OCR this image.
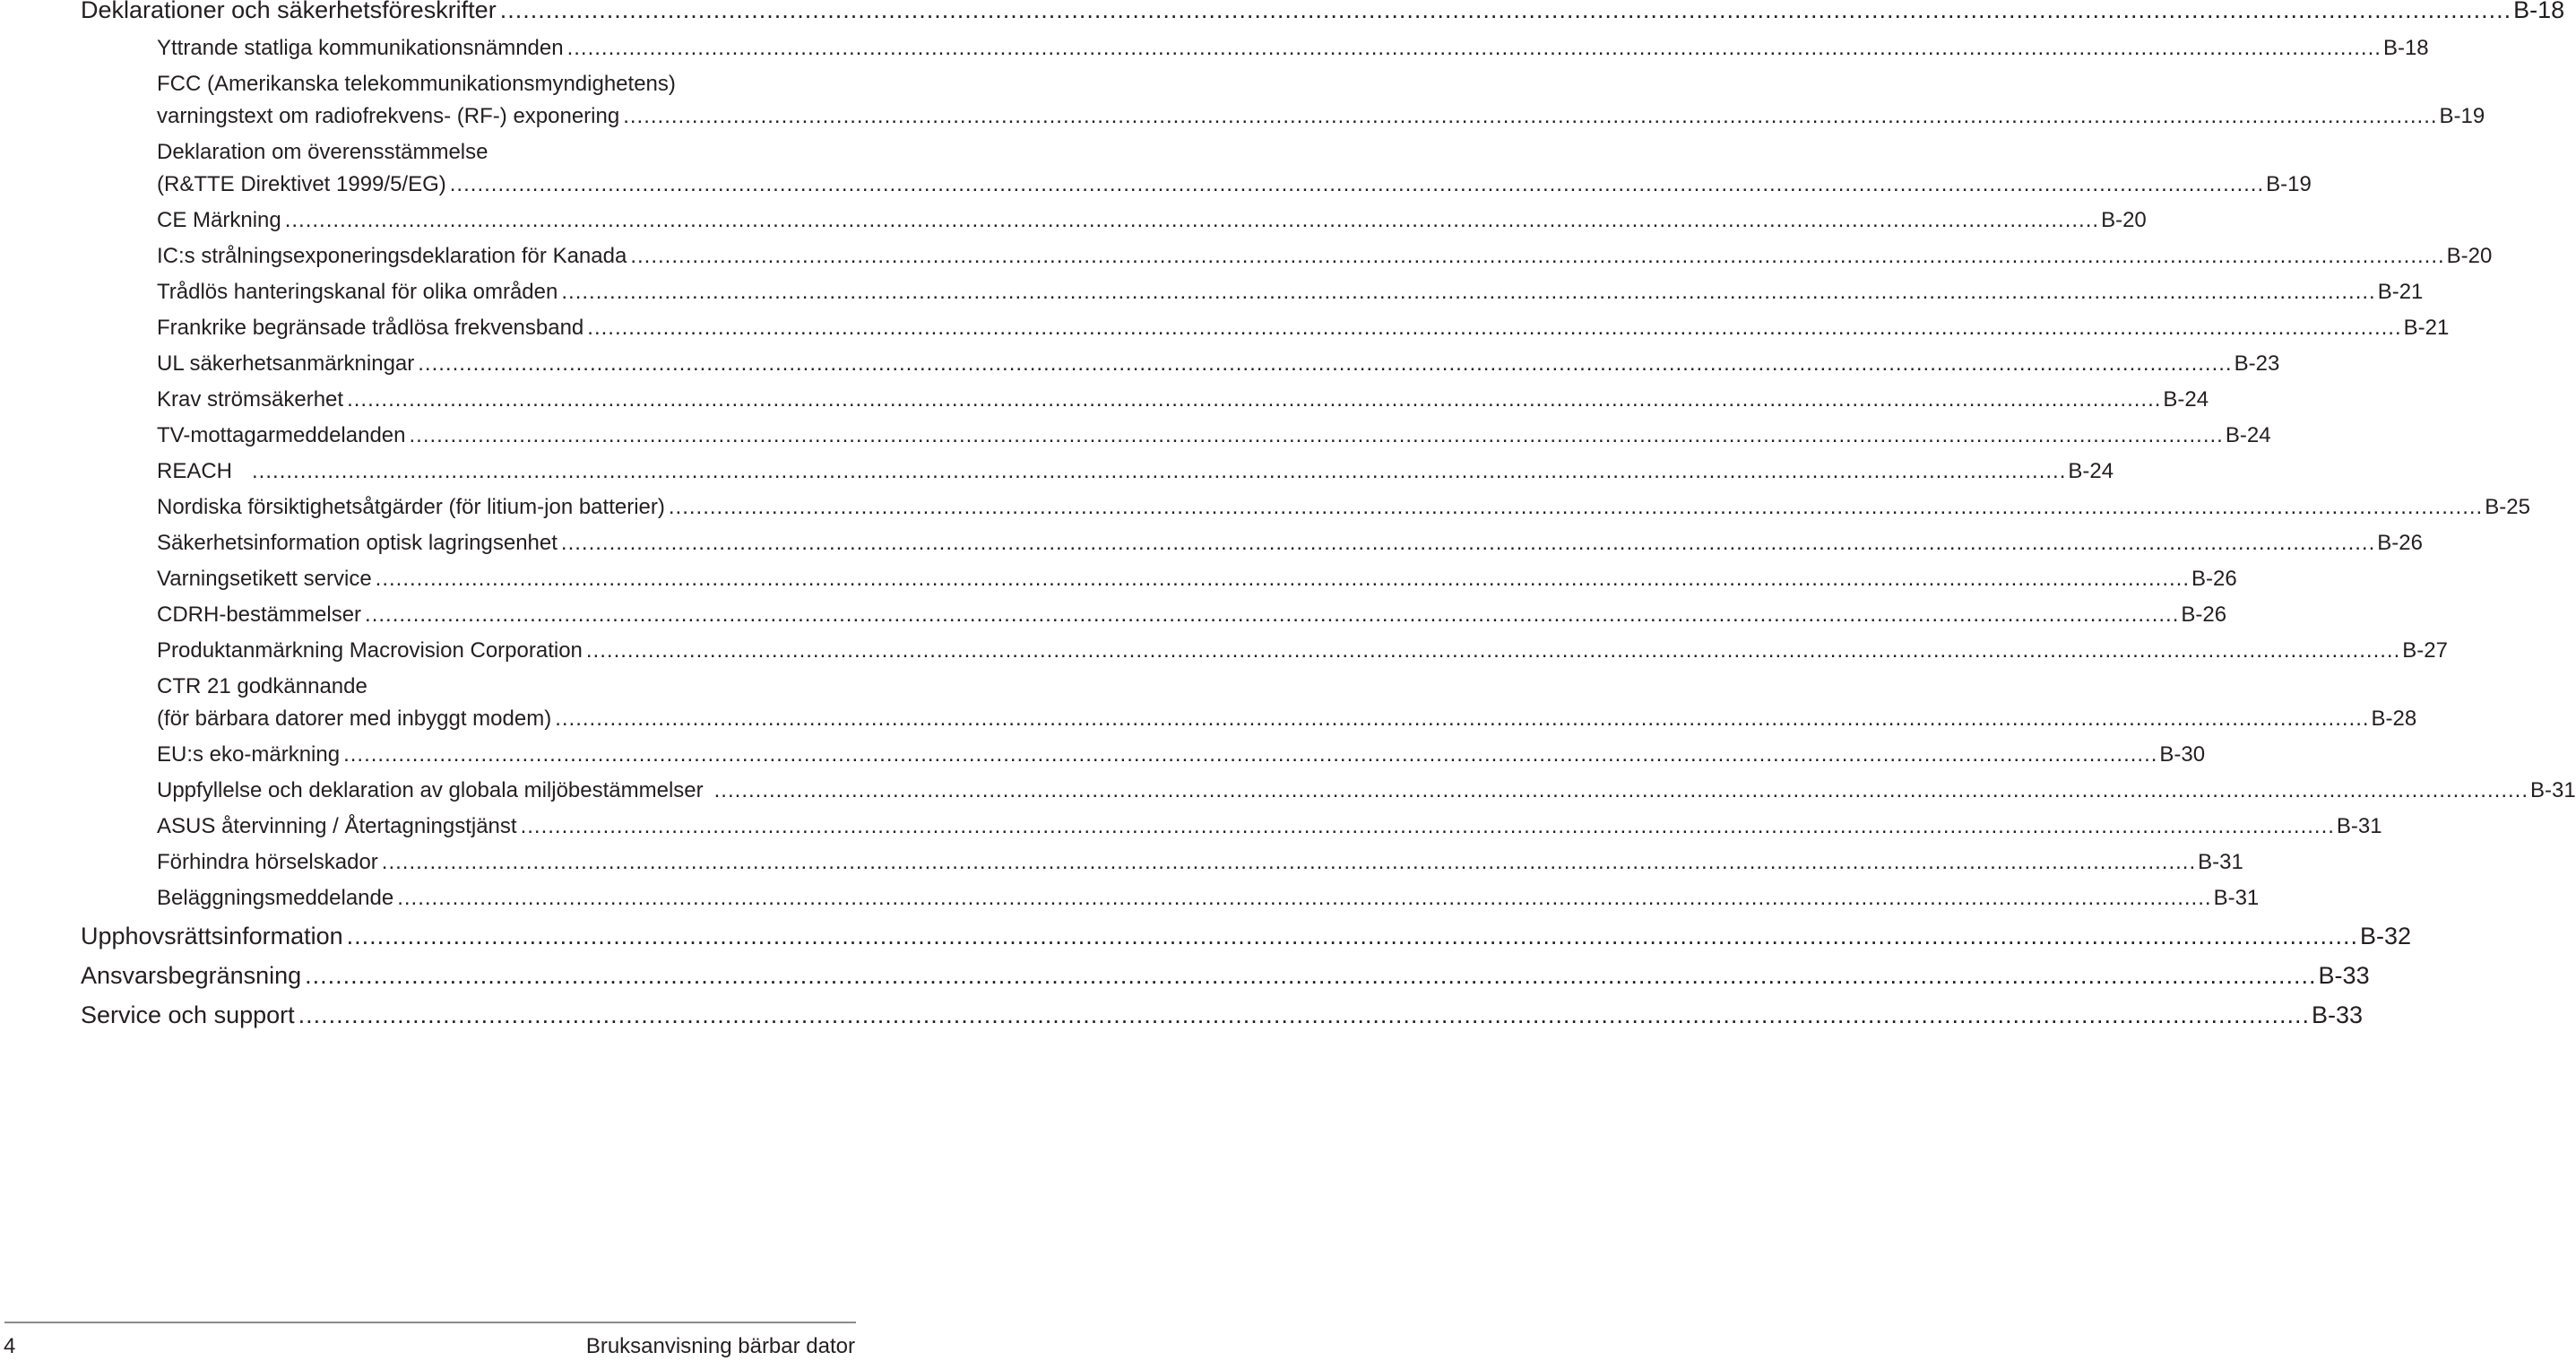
Deklarationer och säkerhetsföreskrifter .....	B-18
Yttrande statliga kommunikationsnämnden .....	B-18
FCC (Amerikanska telekommunikationsmyndighetens)
varningstext om radiofrekvens- (RF-) exponering .....	B-19
Deklaration om överensstämmelse
(R&TTE Direktivet 1999/5/EG) .....	B-19
CE Märkning .....	B-20
IC:s strålningsexponeringsdeklaration för Kanada .....	B-20
Trådlös hanteringskanal för olika områden .....	B-21
Frankrike begränsade trådlösa frekvensband .....	B-21
UL säkerhetsanmärkningar .....	B-23
Krav strömsäkerhet .....	B-24
TV-mottagarmeddelanden .....	B-24
REACH .....	B-24
Nordiska försiktighetsåtgärder (för litium-jon batterier) .....	B-25
Säkerhetsinformation optisk lagringsenhet .....	B-26
Varningsetikett service .....	B-26
CDRH-bestämmelser .....	B-26
Produktanmärkning Macrovision Corporation .....	B-27
CTR 21 godkännande
(för bärbara datorer med inbyggt modem) .....	B-28
EU:s eko-märkning .....	B-30
Uppfyllelse och deklaration av globala miljöbestämmelser .....	B-31
ASUS återvinning / Återtagningstjänst .....	B-31
Förhindra hörselskador .....	B-31
Beläggningsmeddelande .....	B-31
Upphovsrättsinformation .....	B-32
Ansvarsbegränsning .....	B-33
Service och support .....	B-33
4	Bruksanvisning bärbar dator
